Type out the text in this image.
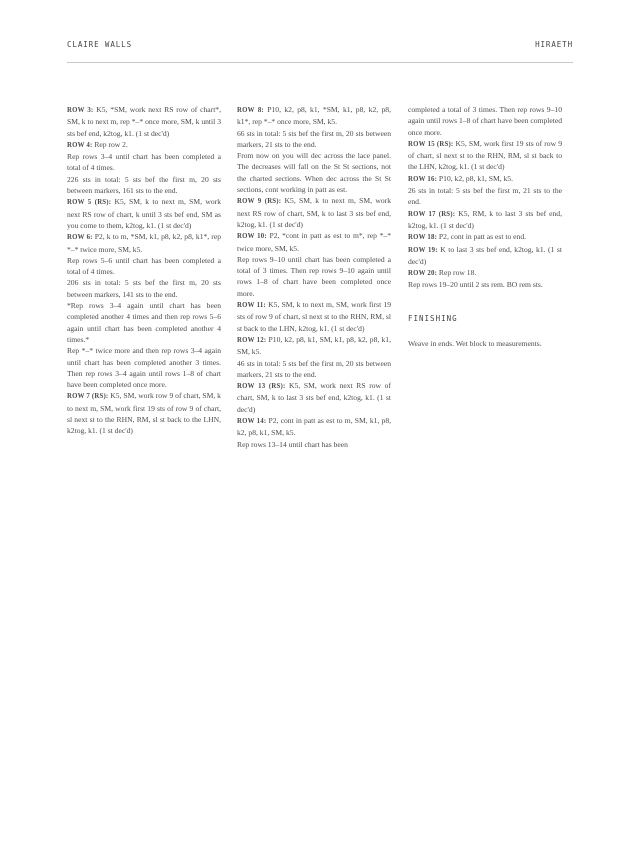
CLAIRE WALLS	HIRAETH

ROW 3: K5, *SM, work next RS row of chart*, SM, k to next m, rep *–* once more, SM, k until 3 sts bef end, k2tog, k1. (1 st dec'd)

ROW 4: Rep row 2.

Rep rows 3–4 until chart has been completed a total of 4 times.

226 sts in total: 5 sts bef the first m, 20 sts between markers, 161 sts to the end.

ROW 5 (RS): K5, SM, k to next m, SM, work next RS row of chart, k until 3 sts bef end, SM as you come to them, k2tog, k1. (1 st dec'd)

ROW 6: P2, k to m, *SM, k1, p8, k2, p8, k1*, rep *–* twice more, SM, k5.

Rep rows 5–6 until chart has been completed a total of 4 times.

206 sts in total: 5 sts bef the first m, 20 sts between markers, 141 sts to the end.

*Rep rows 3–4 again until chart has been completed another 4 times and then rep rows 5–6 again until chart has been completed another 4 times.*

Rep *–* twice more and then rep rows 3–4 again until chart has been completed another 3 times. Then rep rows 3–4 again until rows 1–8 of chart have been completed once more.

ROW 7 (RS): K5, SM, work row 9 of chart, SM, k to next m, SM, work first 19 sts of row 9 of chart, sl next st to the RHN, RM, sl st back to the LHN, k2tog, k1. (1 st dec'd)

ROW 8: P10, k2, p8, k1, *SM, k1, p8, k2, p8, k1*, rep *–* once more, SM, k5.

66 sts in total: 5 sts bef the first m, 20 sts between markers, 21 sts to the end.

From now on you will dec across the lace panel. The decreases will fall on the St St sections, not the charted sections. When dec across the St St sections, cont working in patt as est.

ROW 9 (RS): K5, SM, k to next m, SM, work next RS row of chart, SM, k to last 3 sts bef end, k2tog, k1. (1 st dec'd)

ROW 10: P2, *cont in patt as est to m*, rep *–* twice more, SM, k5.

Rep rows 9–10 until chart has been completed a total of 3 times. Then rep rows 9–10 again until rows 1–8 of chart have been completed once more.

ROW 11: K5, SM, k to next m, SM, work first 19 sts of row 9 of chart, sl next st to the RHN, RM, sl st back to the LHN, k2tog, k1. (1 st dec'd)

ROW 12: P10, k2, p8, k1, SM, k1, p8, k2, p8, k1, SM, k5.

46 sts in total: 5 sts bef the first m, 20 sts between markers, 21 sts to the end.

ROW 13 (RS): K5, SM, work next RS row of chart, SM, k to last 3 sts bef end, k2tog, k1. (1 st dec'd)

ROW 14: P2, cont in patt as est to m, SM, k1, p8, k2, p8, k1, SM, k5.

Rep rows 13–14 until chart has been

completed a total of 3 times. Then rep rows 9–10 again until rows 1–8 of chart have been completed once more.

ROW 15 (RS): K5, SM, work first 19 sts of row 9 of chart, sl next st to the RHN, RM, sl st back to the LHN, k2tog, k1. (1 st dec'd)

ROW 16: P10, k2, p8, k1, SM, k5.

26 sts in total: 5 sts bef the first m, 21 sts to the end.

ROW 17 (RS): K5, RM, k to last 3 sts bef end, k2tog, k1. (1 st dec'd)

ROW 18: P2, cont in patt as est to end.

ROW 19: K to last 3 sts bef end, k2tog, k1. (1 st dec'd)

ROW 20: Rep row 18.

Rep rows 19–20 until 2 sts rem. BO rem sts.

FINISHING

Weave in ends. Wet block to measurements.
